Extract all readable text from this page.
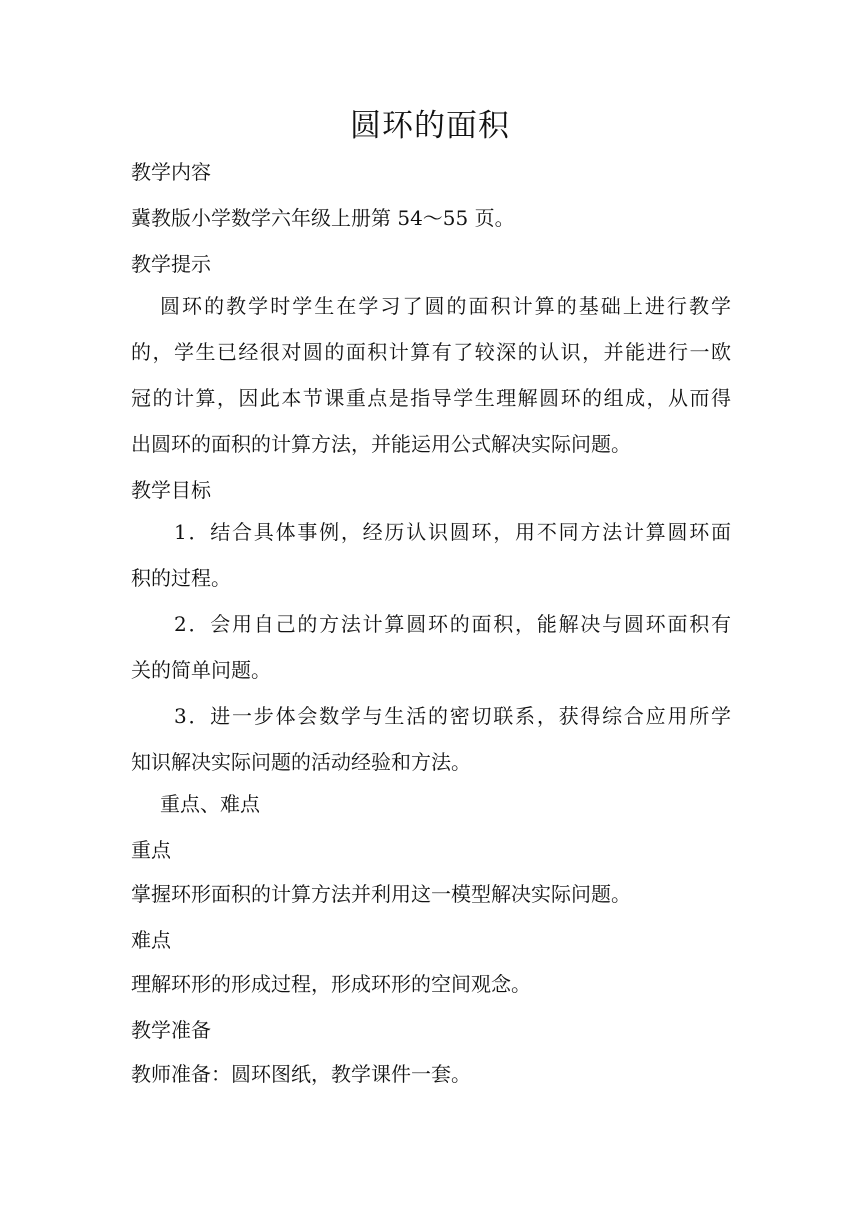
圆环的面积
教学内容
冀教版小学数学六年级上册第 54～55 页。
教学提示
圆环的教学时学生在学习了圆的面积计算的基础上进行教学
的，学生已经很对圆的面积计算有了较深的认识，并能进行一欧
冠的计算，因此本节课重点是指导学生理解圆环的组成，从而得
出圆环的面积的计算方法，并能运用公式解决实际问题。
教学目标
1．结合具体事例，经历认识圆环，用不同方法计算圆环面
积的过程。
2．会用自己的方法计算圆环的面积，能解决与圆环面积有
关的简单问题。
3．进一步体会数学与生活的密切联系，获得综合应用所学
知识解决实际问题的活动经验和方法。
重点、难点
重点
掌握环形面积的计算方法并利用这一模型解决实际问题。
难点
理解环形的形成过程，形成环形的空间观念。
教学准备
教师准备：圆环图纸，教学课件一套。
